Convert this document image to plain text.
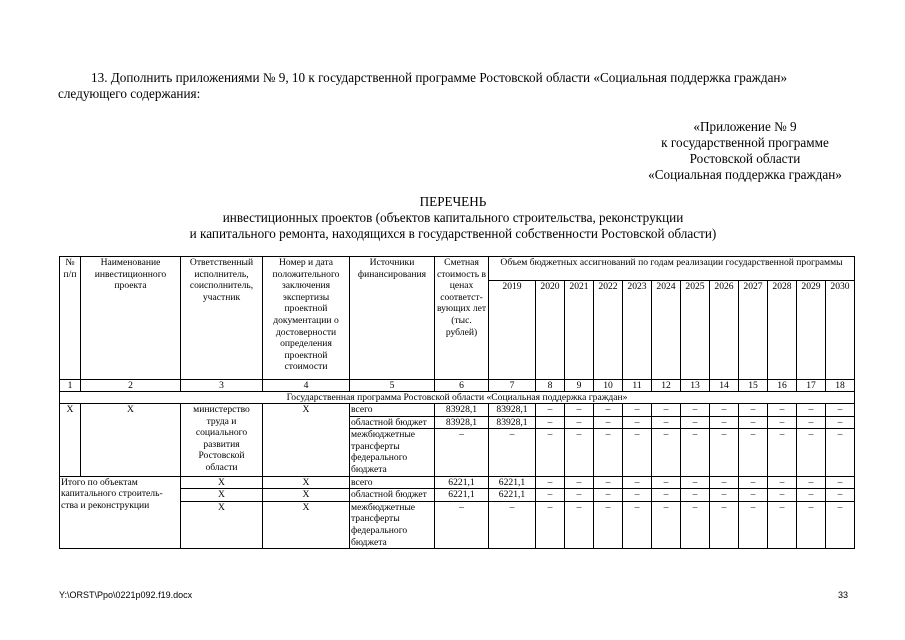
13. Дополнить приложениями № 9, 10 к государственной программе Ростовской области «Социальная поддержка граждан» следующего содержания:
«Приложение № 9
к государственной программе
Ростовской области
«Социальная поддержка граждан»
ПЕРЕЧЕНЬ
инвестиционных проектов (объектов капитального строительства, реконструкции
и капитального ремонта, находящихся в государственной собственности Ростовской области)
№ п/п	Наименование инвестиционного проекта	Ответственный исполнитель, соисполнитель, участник	Номер и дата положительного заключения экспертизы проектной документации о достоверности определения проектной стоимости	Источники финансирования	Сметная стоимость в ценах соответст-вующих лет (тыс. рублей)	Объем бюджетных ассигнований по годам реализации государственной программы											
						2019	2020	2021	2022	2023	2024	2025	2026	2027	2028	2029	2030
1	2	3	4	5	6	7	8	9	10	11	12	13	14	15	16	17	18
Государственная программа Ростовской области «Социальная поддержка граждан»																	
Х	Х	министерство труда и социального развития Ростовской области	Х	всего	83928,1	83928,1	–	–	–	–	–	–	–	–	–	–	–
				областной бюджет	83928,1	83928,1	–	–	–	–	–	–	–	–	–	–	–
				межбюджетные трансферты федерального бюджета	–	–	–	–	–	–	–	–	–	–	–	–	–
Итого по объектам капитального строитель-ства и реконструкции		Х	Х	всего	6221,1	6221,1	–	–	–	–	–	–	–	–	–	–	–
		Х	Х	областной бюджет	6221,1	6221,1	–	–	–	–	–	–	–	–	–	–	–
		Х	Х	межбюджетные трансферты федерального бюджета	–	–	–	–	–	–	–	–	–	–	–	–	–
Y:\ORST\Ppo\0221p092.f19.docx	33
